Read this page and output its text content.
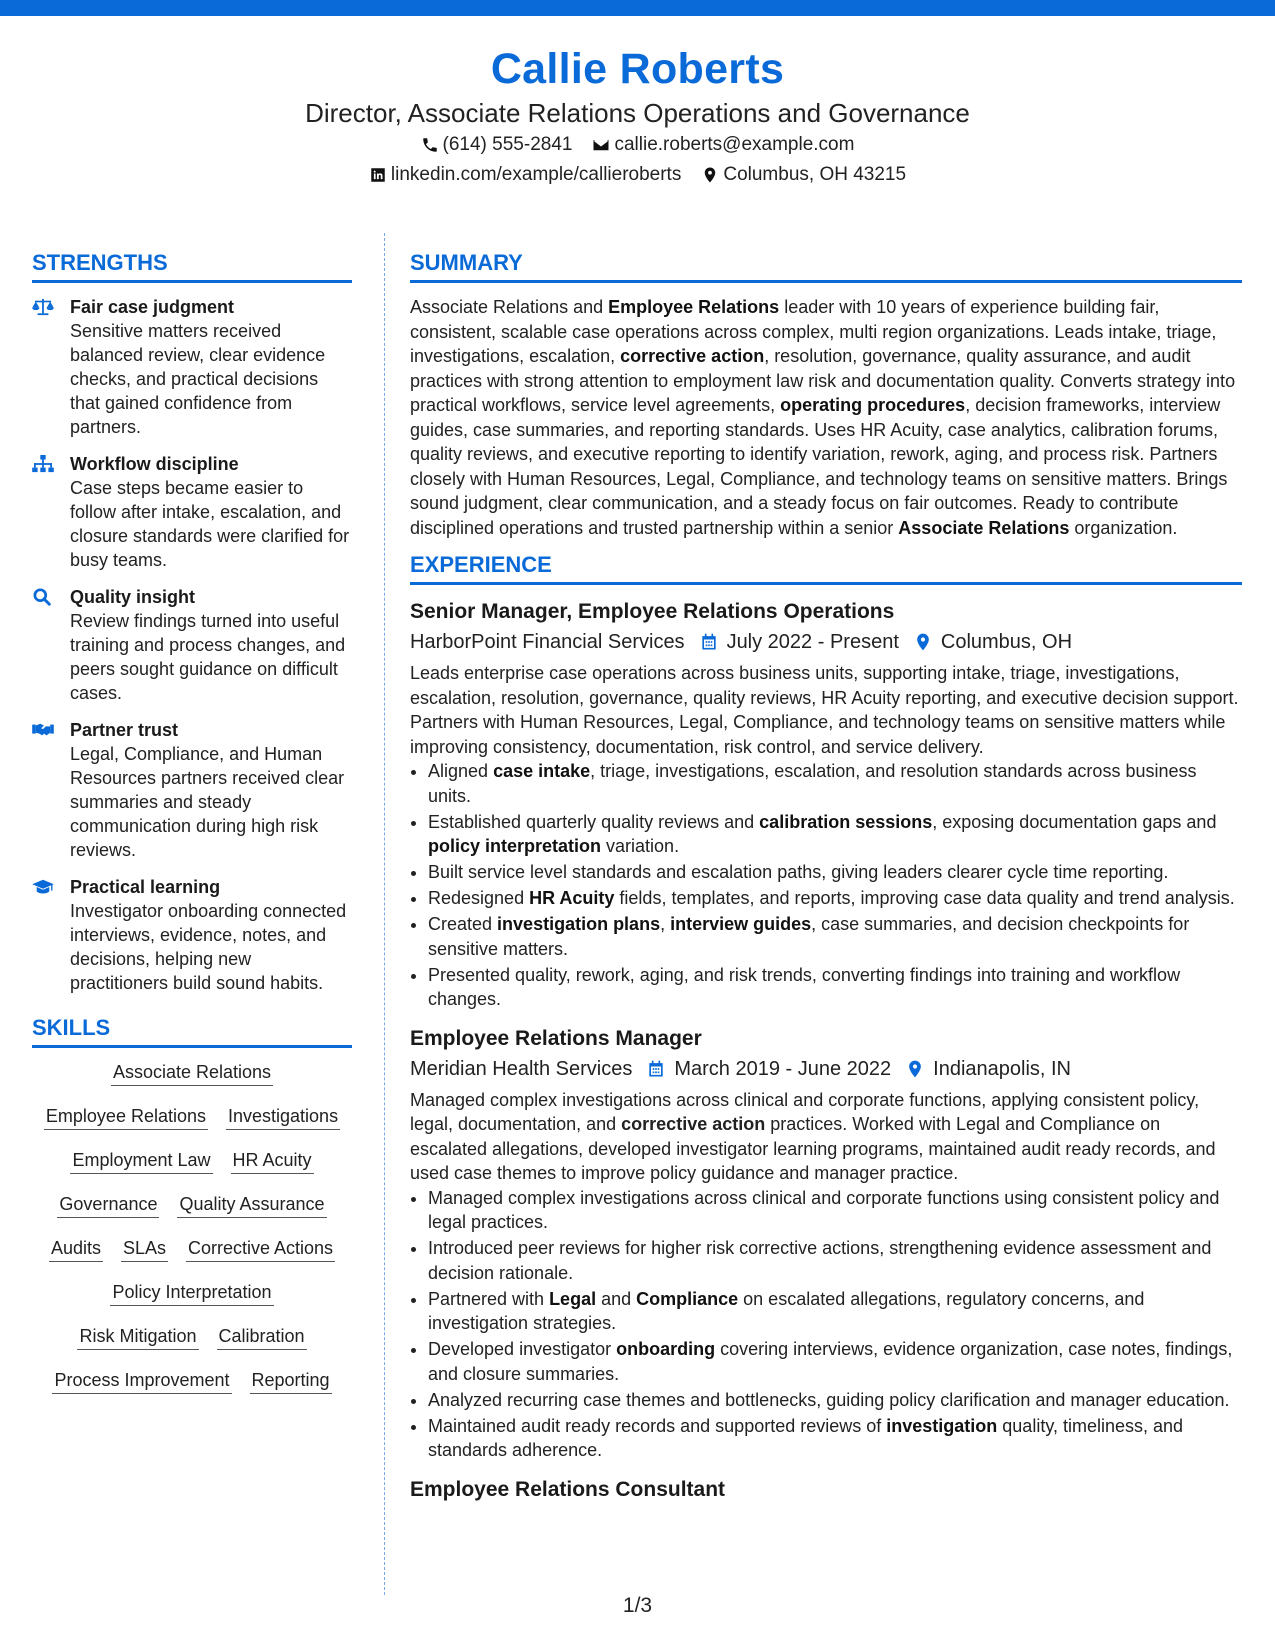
Callie Roberts
Director, Associate Relations Operations and Governance
(614) 555-2841 callie.roberts@example.com
linkedin.com/example/callieroberts Columbus, OH 43215
STRENGTHS
Fair case judgment
Sensitive matters received balanced review, clear evidence checks, and practical decisions that gained confidence from partners.
Workflow discipline
Case steps became easier to follow after intake, escalation, and closure standards were clarified for busy teams.
Quality insight
Review findings turned into useful training and process changes, and peers sought guidance on difficult cases.
Partner trust
Legal, Compliance, and Human Resources partners received clear summaries and steady communication during high risk reviews.
Practical learning
Investigator onboarding connected interviews, evidence, notes, and decisions, helping new practitioners build sound habits.
SKILLS
Associate Relations
Employee Relations Investigations
Employment Law HR Acuity
Governance Quality Assurance
Audits SLAs Corrective Actions
Policy Interpretation
Risk Mitigation Calibration
Process Improvement Reporting
SUMMARY
Associate Relations and Employee Relations leader with 10 years of experience building fair, consistent, scalable case operations across complex, multi region organizations. Leads intake, triage, investigations, escalation, corrective action, resolution, governance, quality assurance, and audit practices with strong attention to employment law risk and documentation quality. Converts strategy into practical workflows, service level agreements, operating procedures, decision frameworks, interview guides, case summaries, and reporting standards. Uses HR Acuity, case analytics, calibration forums, quality reviews, and executive reporting to identify variation, rework, aging, and process risk. Partners closely with Human Resources, Legal, Compliance, and technology teams on sensitive matters. Brings sound judgment, clear communication, and a steady focus on fair outcomes. Ready to contribute disciplined operations and trusted partnership within a senior Associate Relations organization.
EXPERIENCE
Senior Manager, Employee Relations Operations
HarborPoint Financial Services July 2022 - Present Columbus, OH
Leads enterprise case operations across business units, supporting intake, triage, investigations, escalation, resolution, governance, quality reviews, HR Acuity reporting, and executive decision support. Partners with Human Resources, Legal, Compliance, and technology teams on sensitive matters while improving consistency, documentation, risk control, and service delivery.
• Aligned case intake, triage, investigations, escalation, and resolution standards across business units.
• Established quarterly quality reviews and calibration sessions, exposing documentation gaps and policy interpretation variation.
• Built service level standards and escalation paths, giving leaders clearer cycle time reporting.
• Redesigned HR Acuity fields, templates, and reports, improving case data quality and trend analysis.
• Created investigation plans, interview guides, case summaries, and decision checkpoints for sensitive matters.
• Presented quality, rework, aging, and risk trends, converting findings into training and workflow changes.
Employee Relations Manager
Meridian Health Services March 2019 - June 2022 Indianapolis, IN
Managed complex investigations across clinical and corporate functions, applying consistent policy, legal, documentation, and corrective action practices. Worked with Legal and Compliance on escalated allegations, developed investigator learning programs, maintained audit ready records, and used case themes to improve policy guidance and manager practice.
• Managed complex investigations across clinical and corporate functions using consistent policy and legal practices.
• Introduced peer reviews for higher risk corrective actions, strengthening evidence assessment and decision rationale.
• Partnered with Legal and Compliance on escalated allegations, regulatory concerns, and investigation strategies.
• Developed investigator onboarding covering interviews, evidence organization, case notes, findings, and closure summaries.
• Analyzed recurring case themes and bottlenecks, guiding policy clarification and manager education.
• Maintained audit ready records and supported reviews of investigation quality, timeliness, and standards adherence.
Employee Relations Consultant
1/3
